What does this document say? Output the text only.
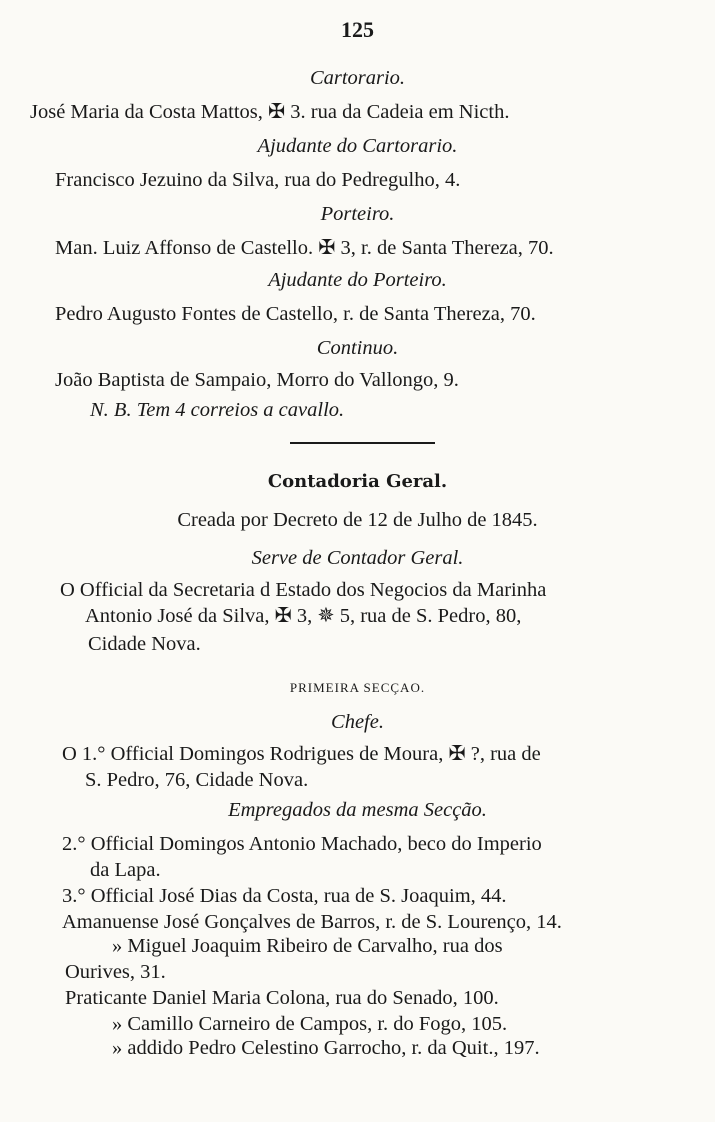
125
Cartorario.
José Maria da Costa Mattos, ✠ 3. rua da Cadeia em Nicth.
Ajudante do Cartorario.
Francisco Jezuino da Silva, rua do Pedregulho, 4.
Porteiro.
Man. Luiz Affonso de Castello. ✠ 3, r. de Santa Thereza, 70.
Ajudante do Porteiro.
Pedro Augusto Fontes de Castello, r. de Santa Thereza, 70.
Continuo.
João Baptista de Sampaio, Morro do Vallongo, 9.
N. B. Tem 4 correios a cavallo.
Contadoria Geral.
Creada por Decreto de 12 de Julho de 1845.
Serve de Contador Geral.
O Official da Secretaria d Estado dos Negocios da Marinha
Antonio José da Silva, ✠ 3, ✵ 5, rua de S. Pedro, 80,
Cidade Nova.
PRIMEIRA SECÇAO.
Chefe.
O 1.° Official Domingos Rodrigues de Moura, ✠ ?, rua de
S. Pedro, 76, Cidade Nova.
Empregados da mesma Secção.
2.° Official Domingos Antonio Machado, beco do Imperio
da Lapa.
3.° Official José Dias da Costa, rua de S. Joaquim, 44.
Amanuense José Gonçalves de Barros, r. de S. Lourenço, 14.
» Miguel Joaquim Ribeiro de Carvalho, rua dos
Ourives, 31.
Praticante Daniel Maria Colona, rua do Senado, 100.
» Camillo Carneiro de Campos, r. do Fogo, 105.
» addido Pedro Celestino Garrocho, r. da Quit., 197.
